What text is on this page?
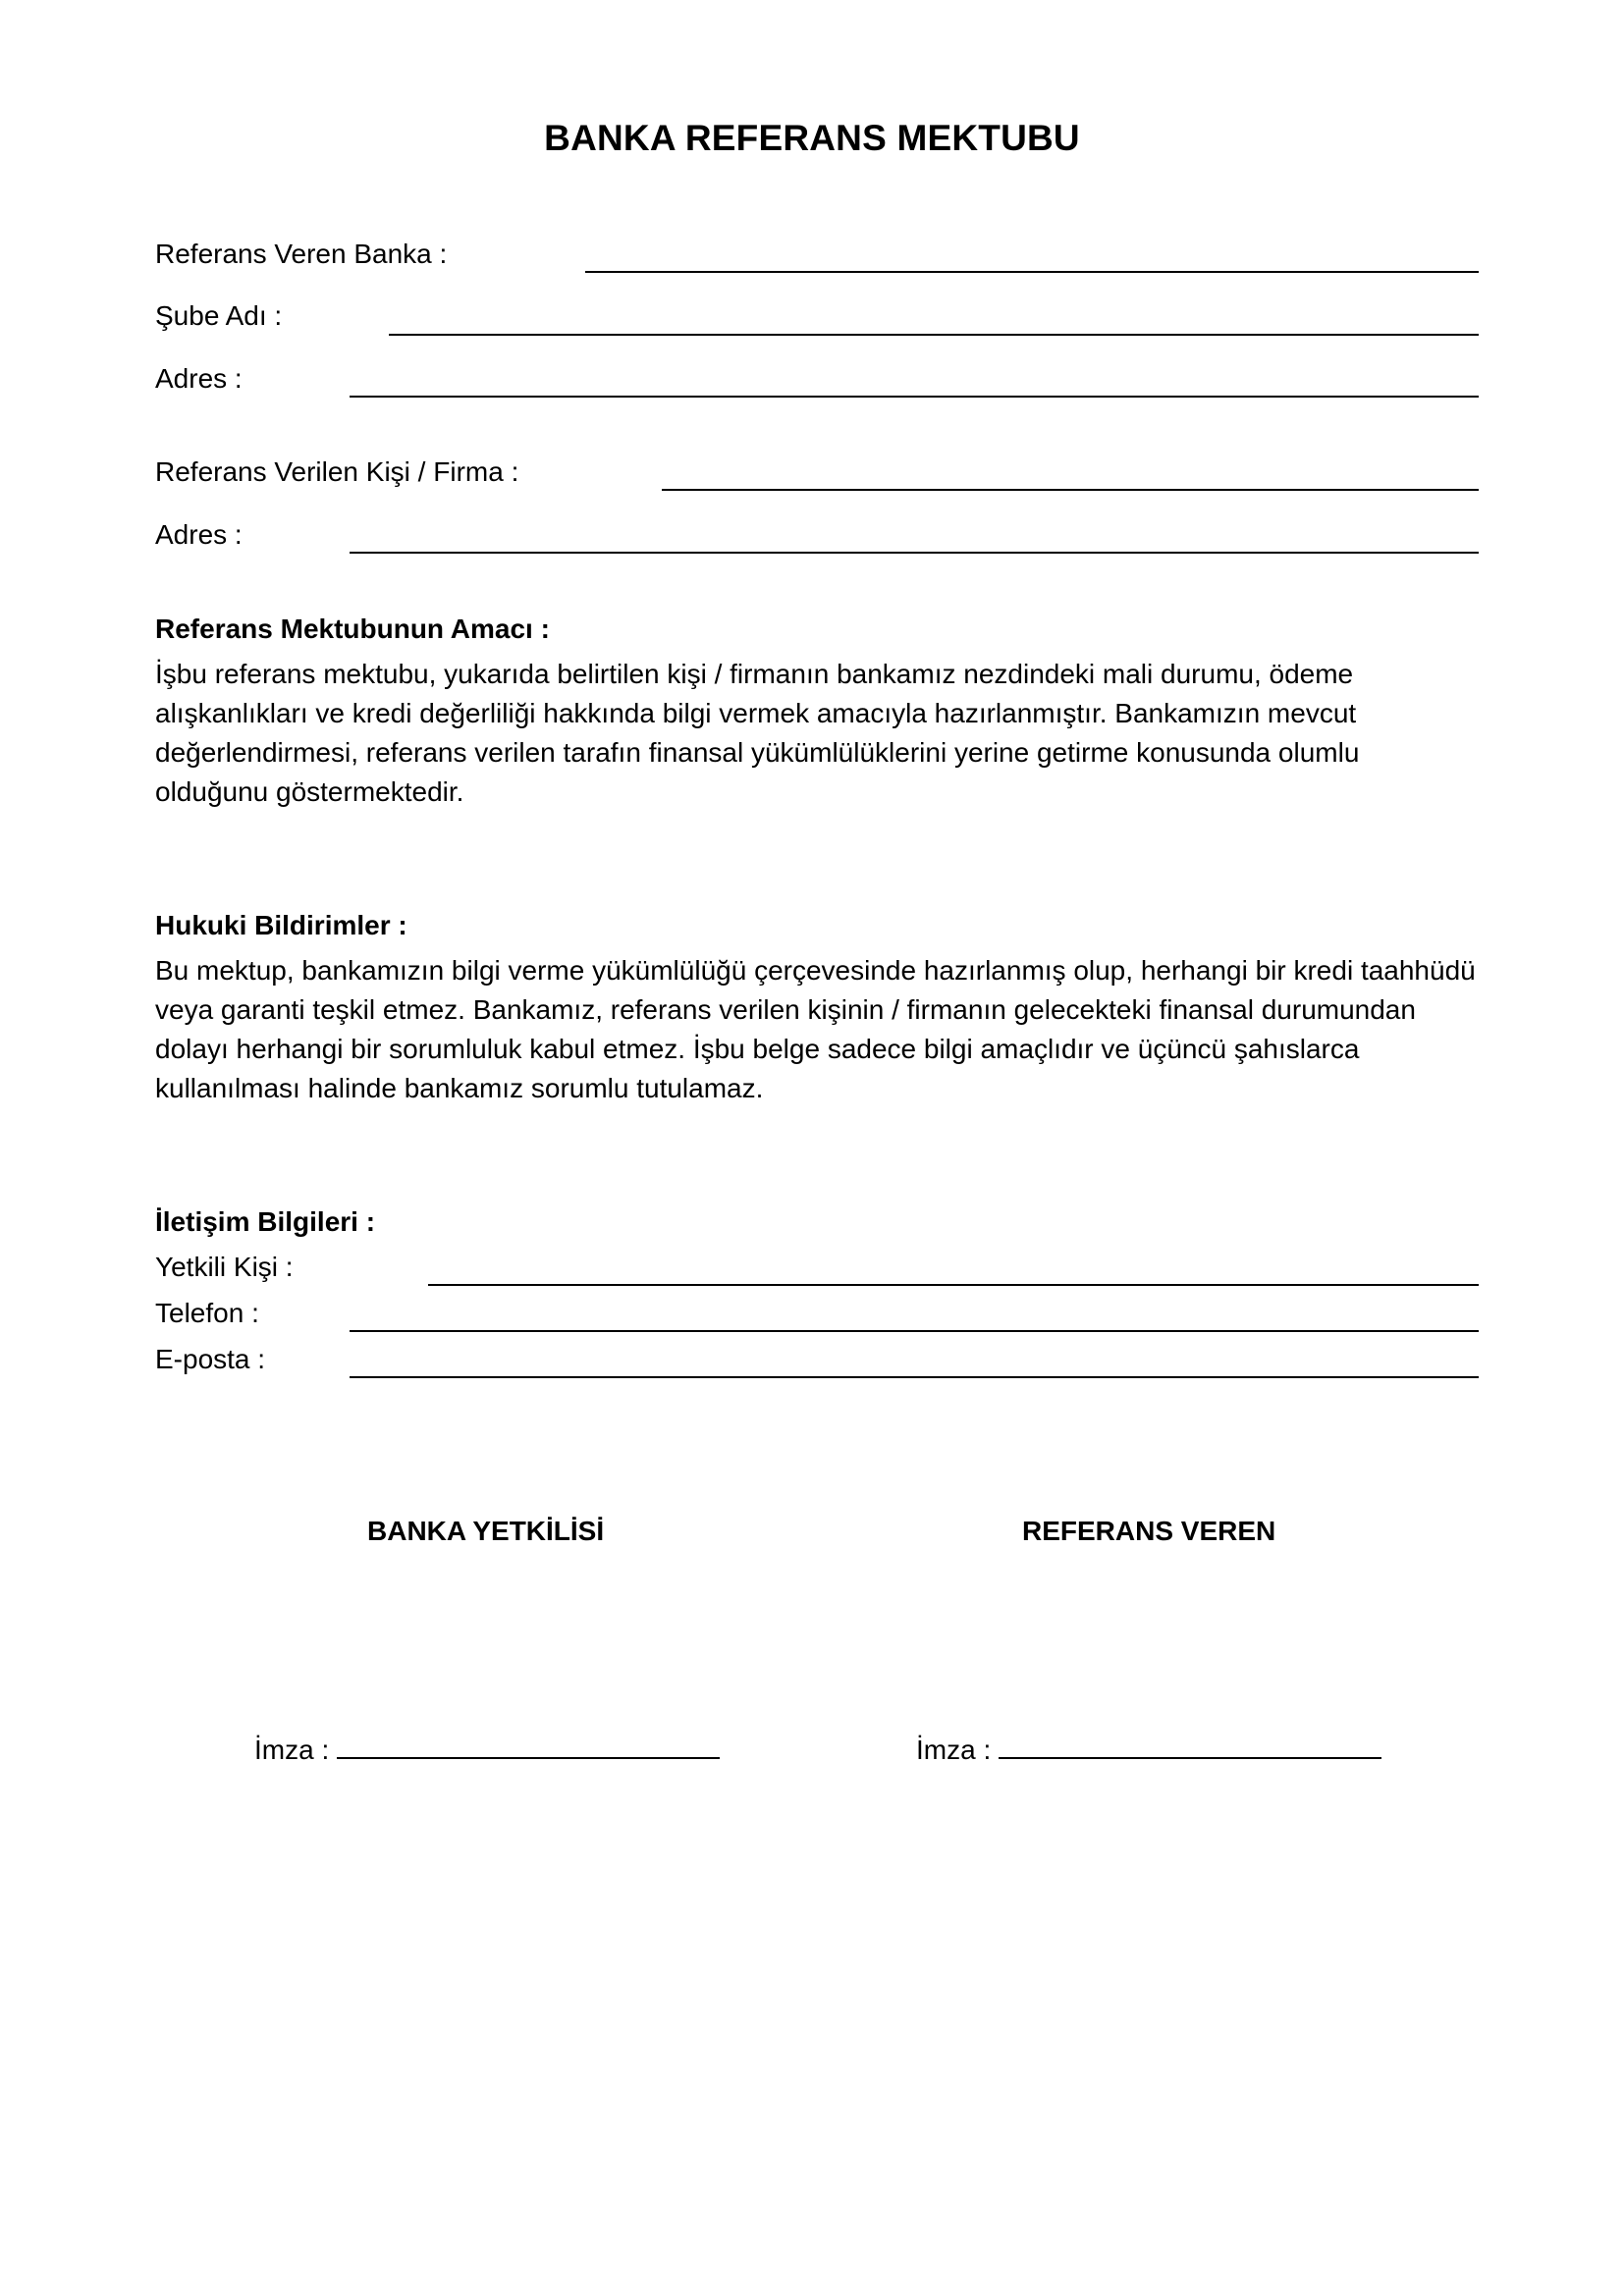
BANKA REFERANS MEKTUBU
Referans Veren Banka :
Şube Adı :
Adres :
Referans Verilen Kişi / Firma :
Adres :
Referans Mektubunun Amacı :
İşbu referans mektubu, yukarıda belirtilen kişi / firmanın bankamız nezdindeki mali durumu, ödeme
alışkanlıkları ve kredi değerliliği hakkında bilgi vermek amacıyla hazırlanmıştır. Bankamızın mevcut
değerlendirmesi, referans verilen tarafın finansal yükümlülüklerini yerine getirme konusunda olumlu
olduğunu göstermektedir.
Hukuki Bildirimler :
Bu mektup, bankamızın bilgi verme yükümlülüğü çerçevesinde hazırlanmış olup, herhangi bir kredi taahhüdü
veya garanti teşkil etmez. Bankamız, referans verilen kişinin / firmanın gelecekteki finansal durumundan
dolayı herhangi bir sorumluluk kabul etmez. İşbu belge sadece bilgi amaçlıdır ve üçüncü şahıslarca
kullanılması halinde bankamız sorumlu tutulamaz.
İletişim Bilgileri :
Yetkili Kişi :
Telefon :
E-posta :
BANKA YETKİLİSİ	REFERANS VEREN
İmza :	İmza :
